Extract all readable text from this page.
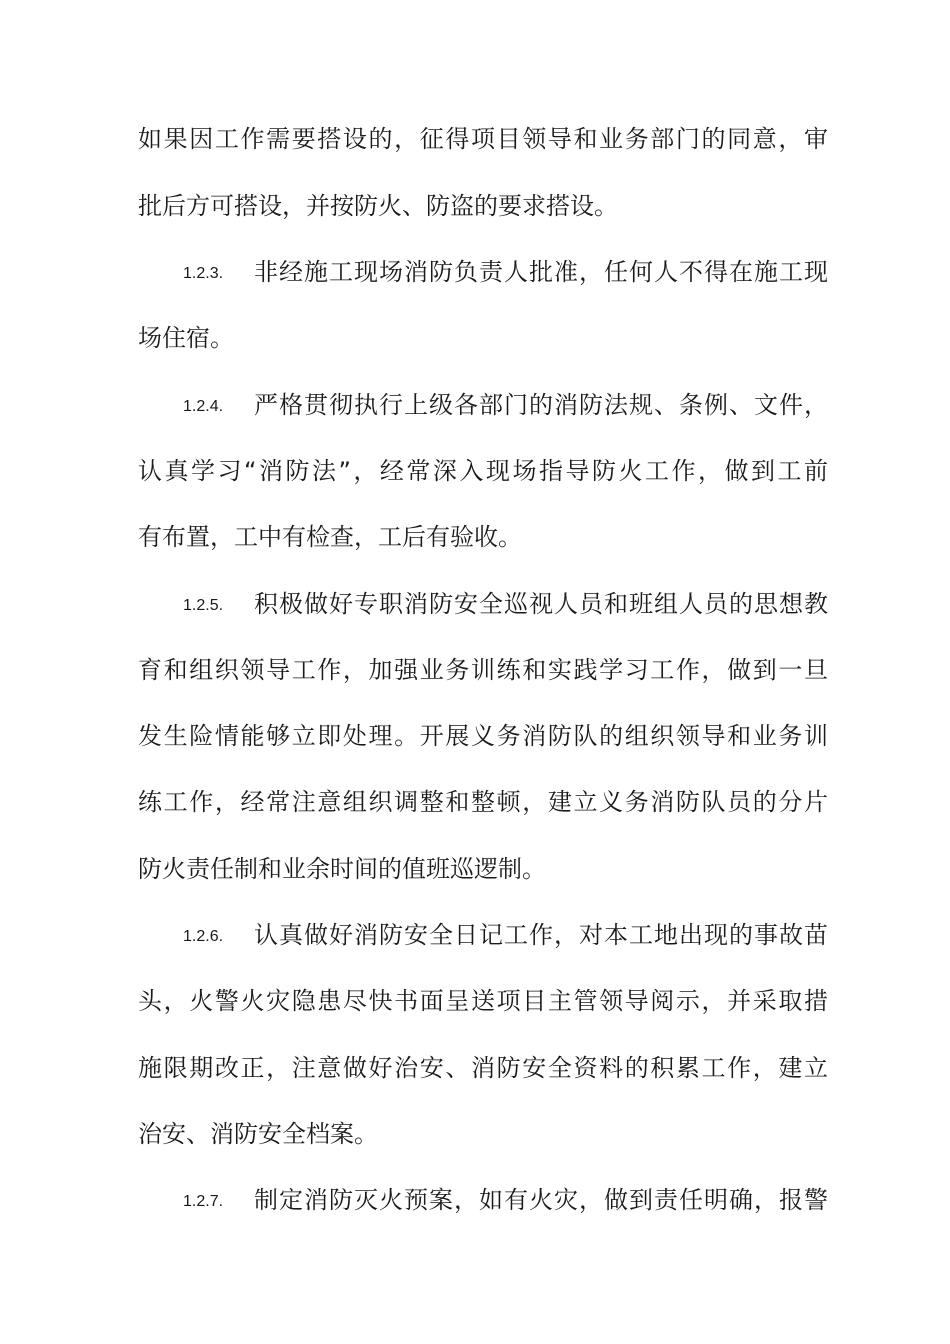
如果因工作需要搭设的，征得项目领导和业务部门的同意，审
批后方可搭设，并按防火、防盗的要求搭设。
1.2.3. 非经施工现场消防负责人批准，任何人不得在施工现
场住宿。
1.2.4. 严格贯彻执行上级各部门的消防法规、条例、文件，
认真学习“消防法”，经常深入现场指导防火工作，做到工前
有布置，工中有检查，工后有验收。
1.2.5. 积极做好专职消防安全巡视人员和班组人员的思想教
育和组织领导工作，加强业务训练和实践学习工作，做到一旦
发生险情能够立即处理。开展义务消防队的组织领导和业务训
练工作，经常注意组织调整和整顿，建立义务消防队员的分片
防火责任制和业余时间的值班巡逻制。
1.2.6. 认真做好消防安全日记工作，对本工地出现的事故苗
头，火警火灾隐患尽快书面呈送项目主管领导阅示，并采取措
施限期改正，注意做好治安、消防安全资料的积累工作，建立
治安、消防安全档案。
1.2.7. 制定消防灭火预案，如有火灾，做到责任明确，报警
